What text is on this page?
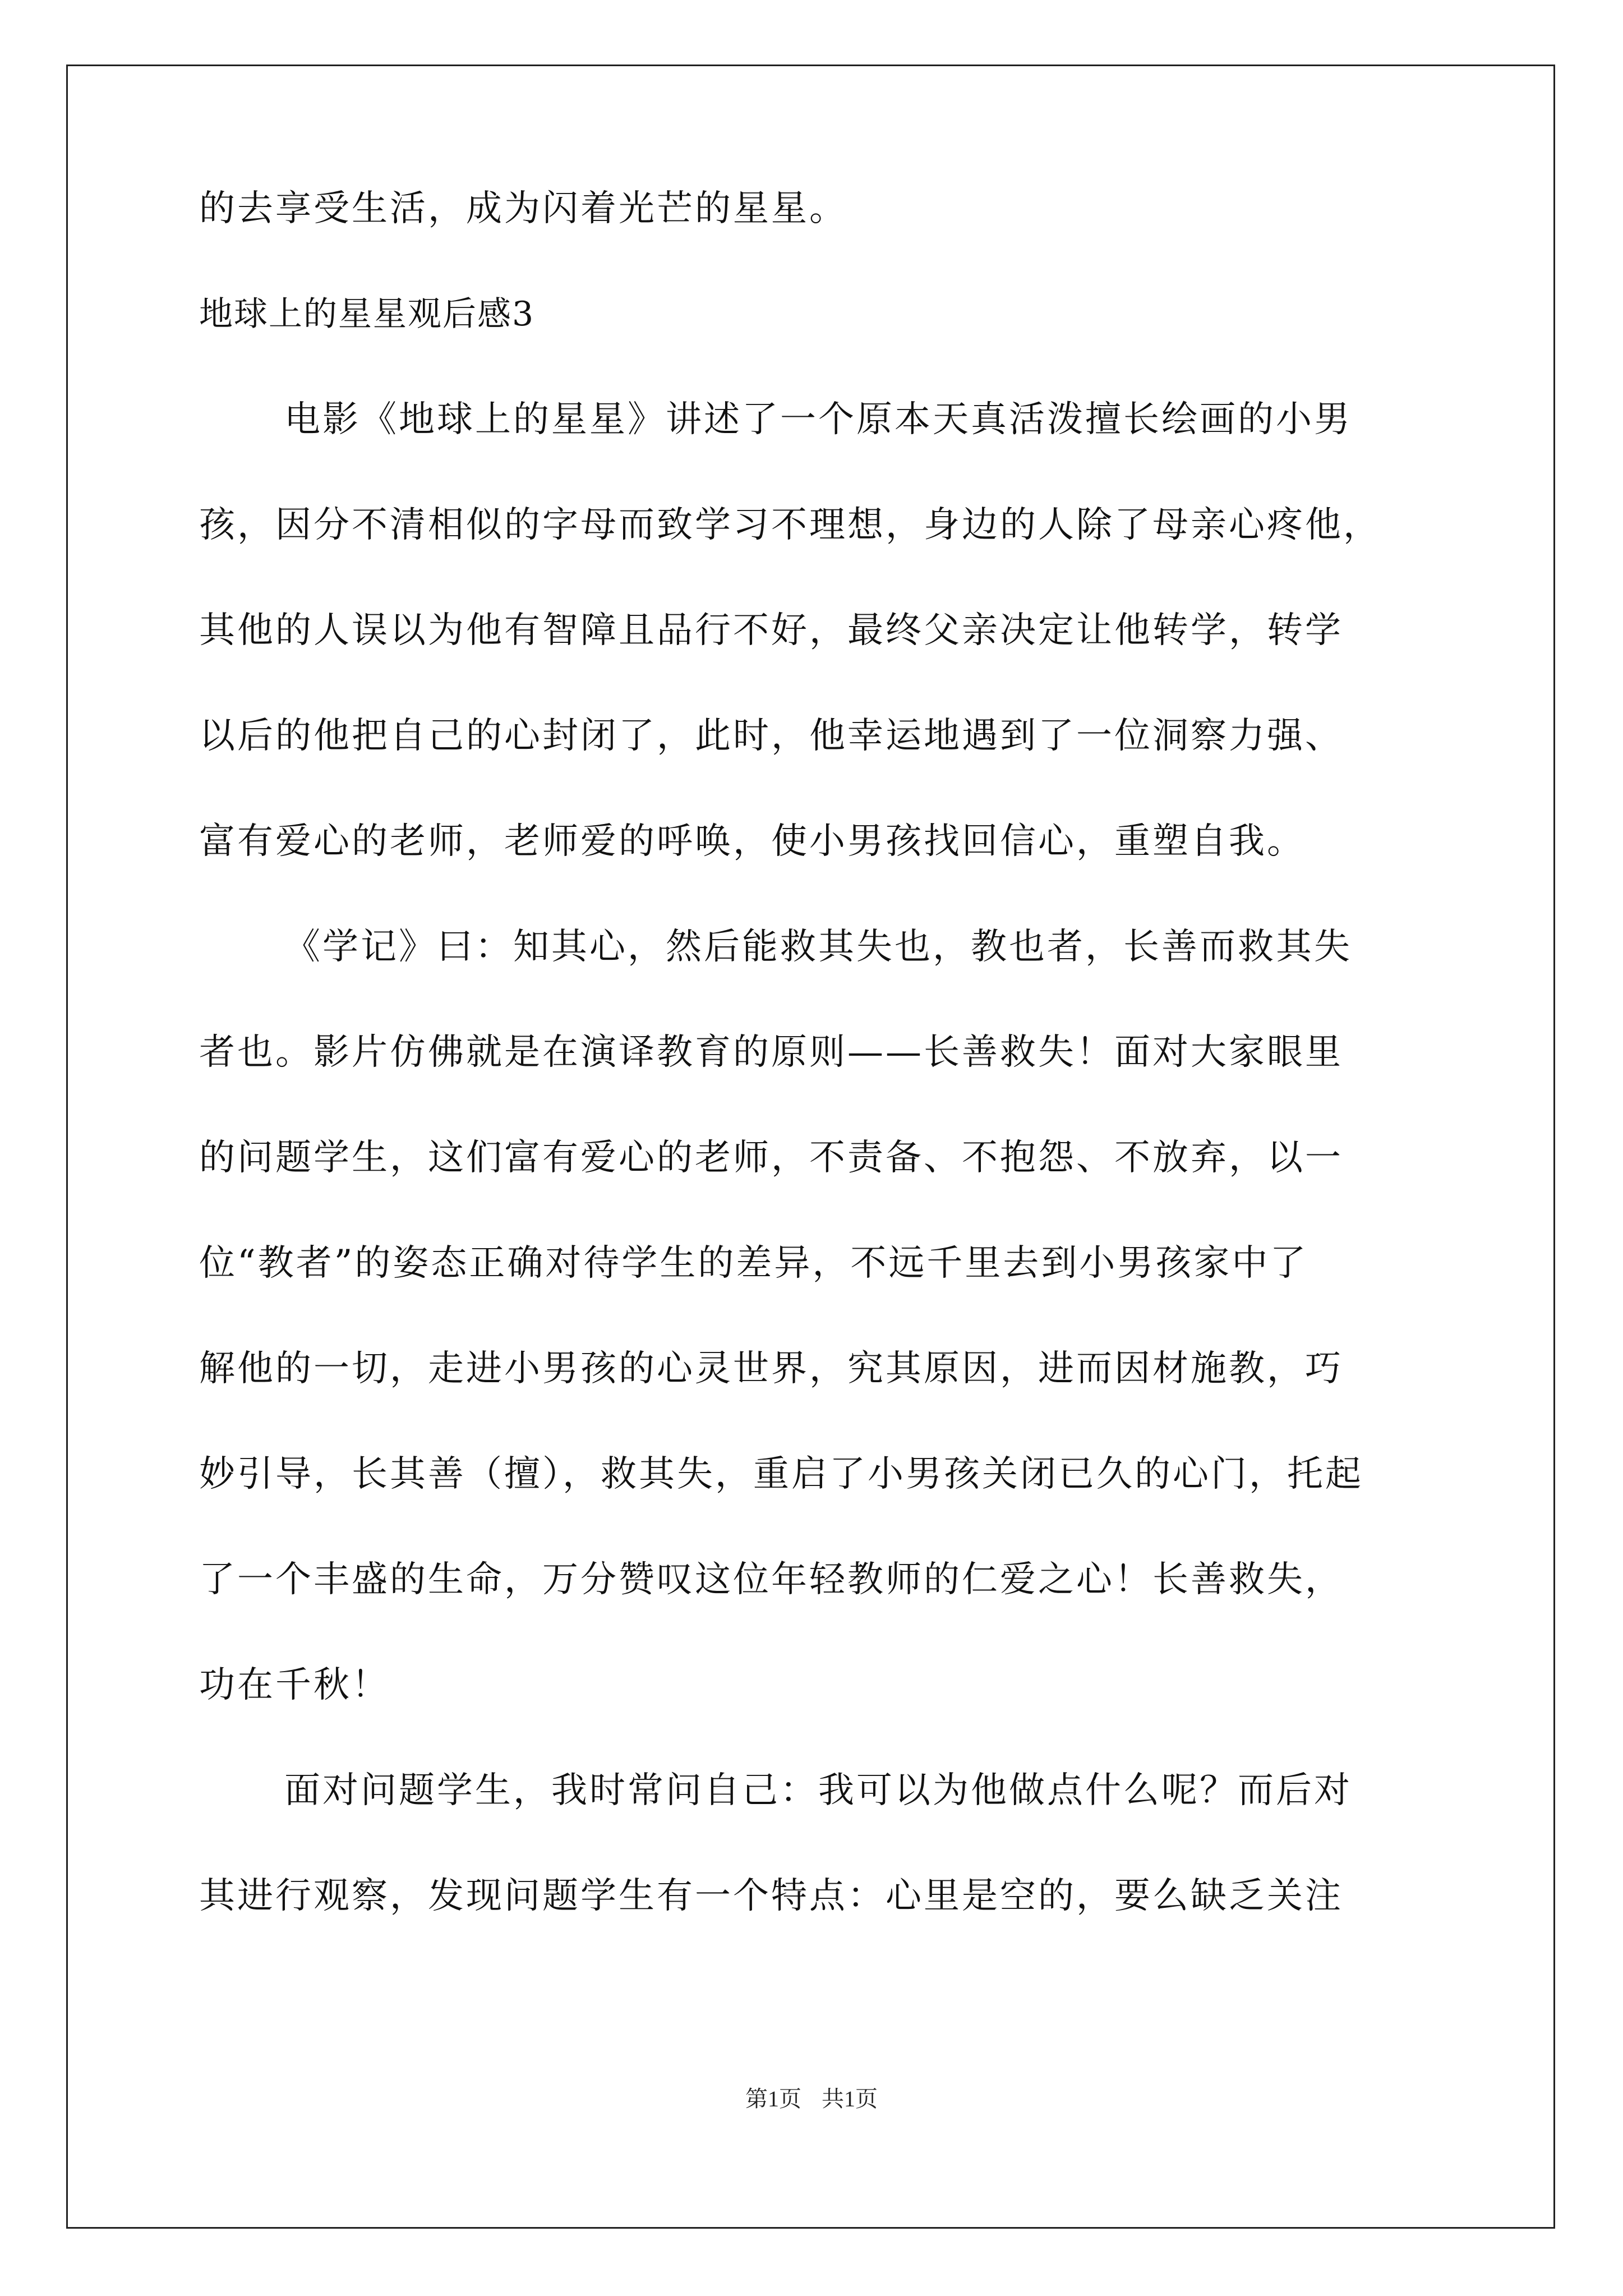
的去享受生活，成为闪着光芒的星星。

地球上的星星观后感3

电影《地球上的星星》讲述了一个原本天真活泼擅长绘画的小男

孩，因分不清相似的字母而致学习不理想，身边的人除了母亲心疼他，

其他的人误以为他有智障且品行不好，最终父亲决定让他转学，转学

以后的他把自己的心封闭了，此时，他幸运地遇到了一位洞察力强、

富有爱心的老师，老师爱的呼唤，使小男孩找回信心，重塑自我。

《学记》曰：知其心，然后能救其失也，教也者，长善而救其失

者也。影片仿佛就是在演译教育的原则——长善救失！面对大家眼里

的问题学生，这们富有爱心的老师，不责备、不抱怨、不放弃，以一

位“教者”的姿态正确对待学生的差异，不远千里去到小男孩家中了

解他的一切，走进小男孩的心灵世界，究其原因，进而因材施教，巧

妙引导，长其善（擅），救其失，重启了小男孩关闭已久的心门，托起

了一个丰盛的生命，万分赞叹这位年轻教师的仁爱之心！长善救失，

功在千秋！

面对问题学生，我时常问自己：我可以为他做点什么呢？而后对

其进行观察，发现问题学生有一个特点：心里是空的，要么缺乏关注

第1页 共1页
